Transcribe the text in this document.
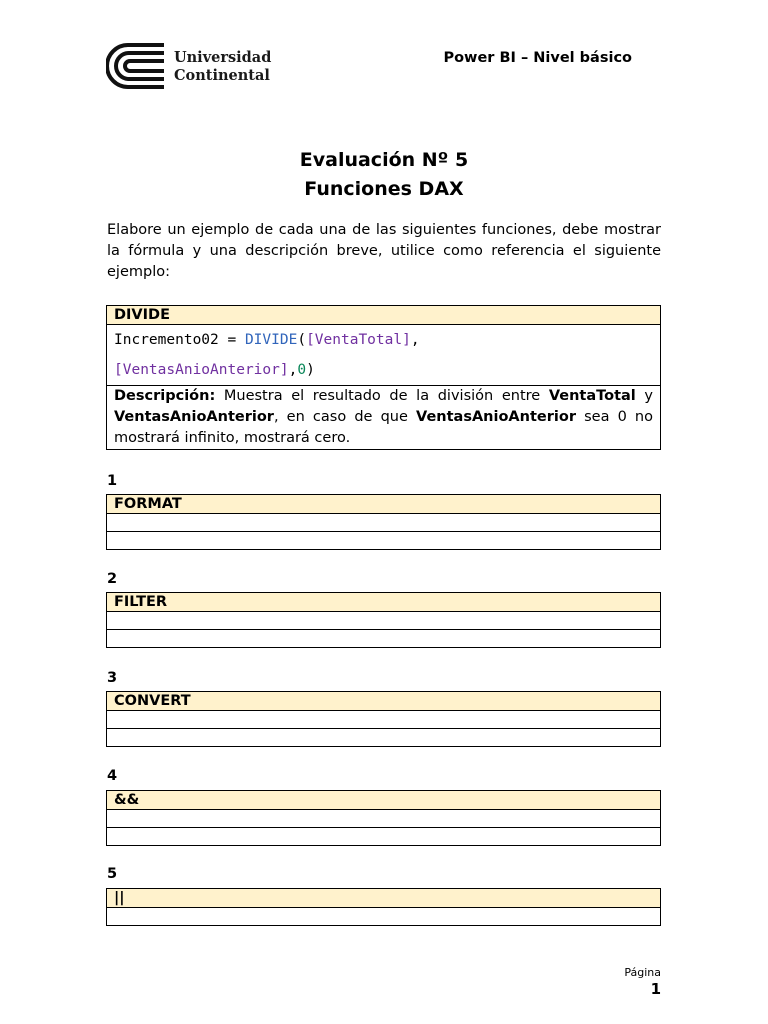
Universidad
Continental
Power BI – Nivel básico
Evaluación Nº 5
Funciones DAX
Elabore un ejemplo de cada una de las siguientes funciones, debe mostrar la fórmula y una descripción breve, utilice como referencia el siguiente ejemplo:
DIVIDE
Incremento02 = DIVIDE([VentaTotal],
[VentasAnioAnterior],0)
Descripción: Muestra el resultado de la división entre VentaTotal y VentasAnioAnterior, en caso de que VentasAnioAnterior sea 0 no mostrará infinito, mostrará cero.
1
FORMAT

2
FILTER

3
CONVERT

4
&&

5
||

Página
1
